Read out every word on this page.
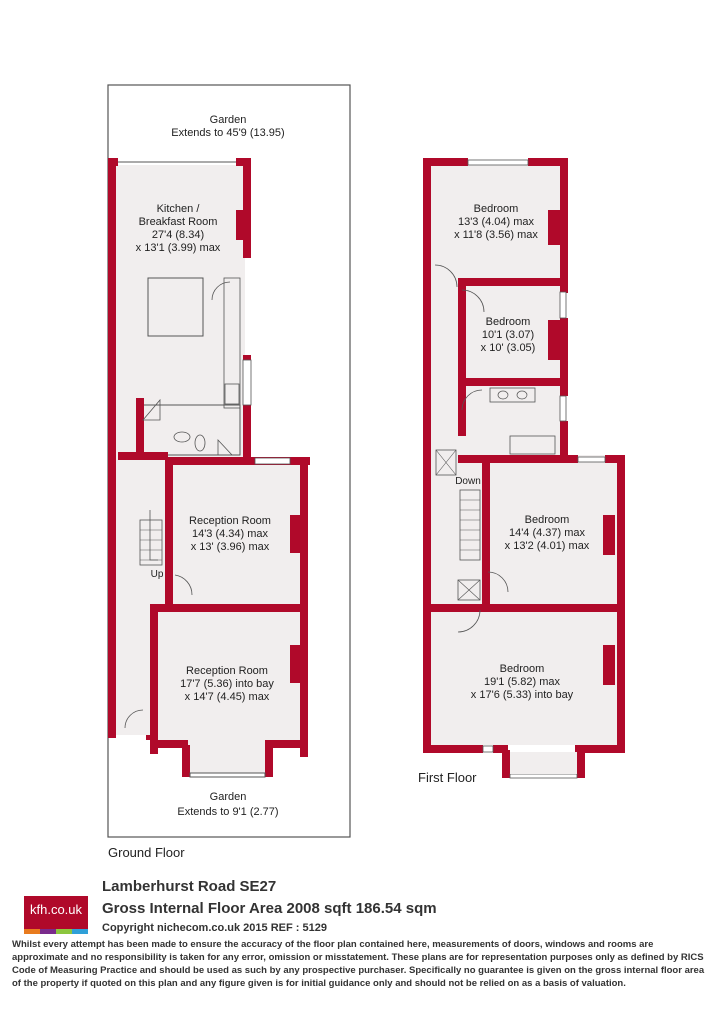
Garden
Extends to 45'9 (13.95)
Kitchen /
Breakfast Room
27'4 (8.34)
x 13'1 (3.99) max
Reception Room
14'3 (4.34) max
x 13' (3.96) max
Reception Room
17'7 (5.36) into bay
x 14'7 (4.45) max
Up
Garden
Extends to 9'1 (2.77)
Ground Floor
Bedroom
13'3 (4.04) max
x 11'8 (3.56) max
Bedroom
10'1 (3.07)
x 10' (3.05)
Bedroom
14'4 (4.37) max
x 13'2 (4.01) max
Bedroom
19'1 (5.82) max
x 17'6 (5.33) into bay
Down
First Floor
kfh.co.uk
Lamberhurst Road SE27
Gross Internal Floor Area 2008 sqft 186.54 sqm
Copyright nichecom.co.uk 2015 REF : 5129
Whilst every attempt has been made to ensure the accuracy of the floor plan contained here, measurements of doors, windows and rooms are approximate and no responsibility is taken for any error, omission or misstatement. These plans are for representation purposes only as defined by RICS Code of Measuring Practice and should be used as such by any prospective purchaser. Specifically no guarantee is given on the gross internal floor area of the property if quoted on this plan and any figure given is for initial guidance only and should not be relied on as a basis of valuation.
